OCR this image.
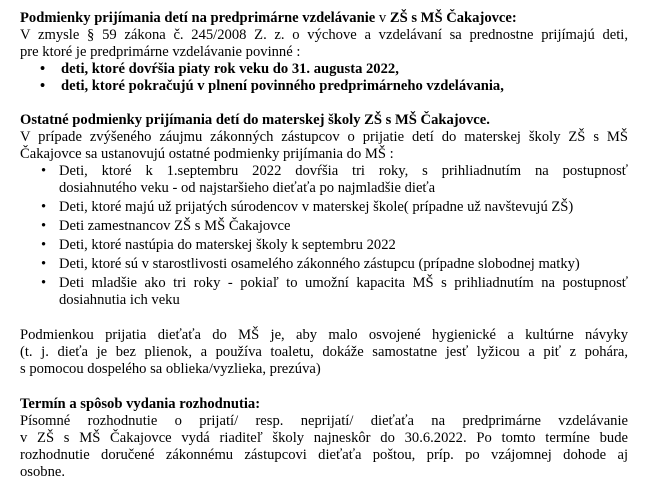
Podmienky prijímania detí na predprimárne vzdelávanie v ZŠ s MŠ Čakajovce:
V zmysle § 59 zákona č. 245/2008 Z. z. o výchove a vzdelávaní sa prednostne prijímajú deti,
pre ktoré je predprimárne vzdelávanie povinné :
• deti, ktoré dovŕšia piaty rok veku do 31. augusta 2022,
• deti, ktoré pokračujú v plnení povinného predprimárneho vzdelávania,
Ostatné podmienky prijímania detí do materskej školy ZŠ s MŠ Čakajovce.
V prípade zvýšeného záujmu zákonných zástupcov o prijatie detí do materskej školy ZŠ s MŠ
Čakajovce sa ustanovujú ostatné podmienky prijímania do MŠ :
• Deti, ktoré k 1.septembru 2022 dovŕšia tri roky, s prihliadnutím na postupnosť
dosiahnutého veku - od najstaršieho dieťaťa po najmladšie dieťa
• Deti, ktoré majú už prijatých súrodencov v materskej škole( prípadne už navštevujú ZŠ)
• Deti zamestnancov ZŠ s MŠ Čakajovce
• Deti, ktoré nastúpia do materskej školy k septembru 2022
• Deti, ktoré sú v starostlivosti osamelého zákonného zástupcu (prípadne slobodnej matky)
• Deti mladšie ako tri roky - pokiaľ to umožní kapacita MŠ s prihliadnutím na postupnosť
dosiahnutia ich veku
Podmienkou prijatia dieťaťa do MŠ je, aby malo osvojené hygienické a kultúrne návyky
(t. j. dieťa je bez plienok, a používa toaletu, dokáže samostatne jesť lyžicou a piť z pohára,
s pomocou dospelého sa oblieka/vyzlieka, prezúva)
Termín a spôsob vydania rozhodnutia:
Písomné rozhodnutie o prijatí/ resp. neprijatí/ dieťaťa na predprimárne vzdelávanie
v ZŠ s MŠ Čakajovce vydá riaditeľ školy najneskôr do 30.6.2022. Po tomto termíne bude
rozhodnutie doručené zákonnému zástupcovi dieťaťa poštou, príp. po vzájomnej dohode aj
osobne.
